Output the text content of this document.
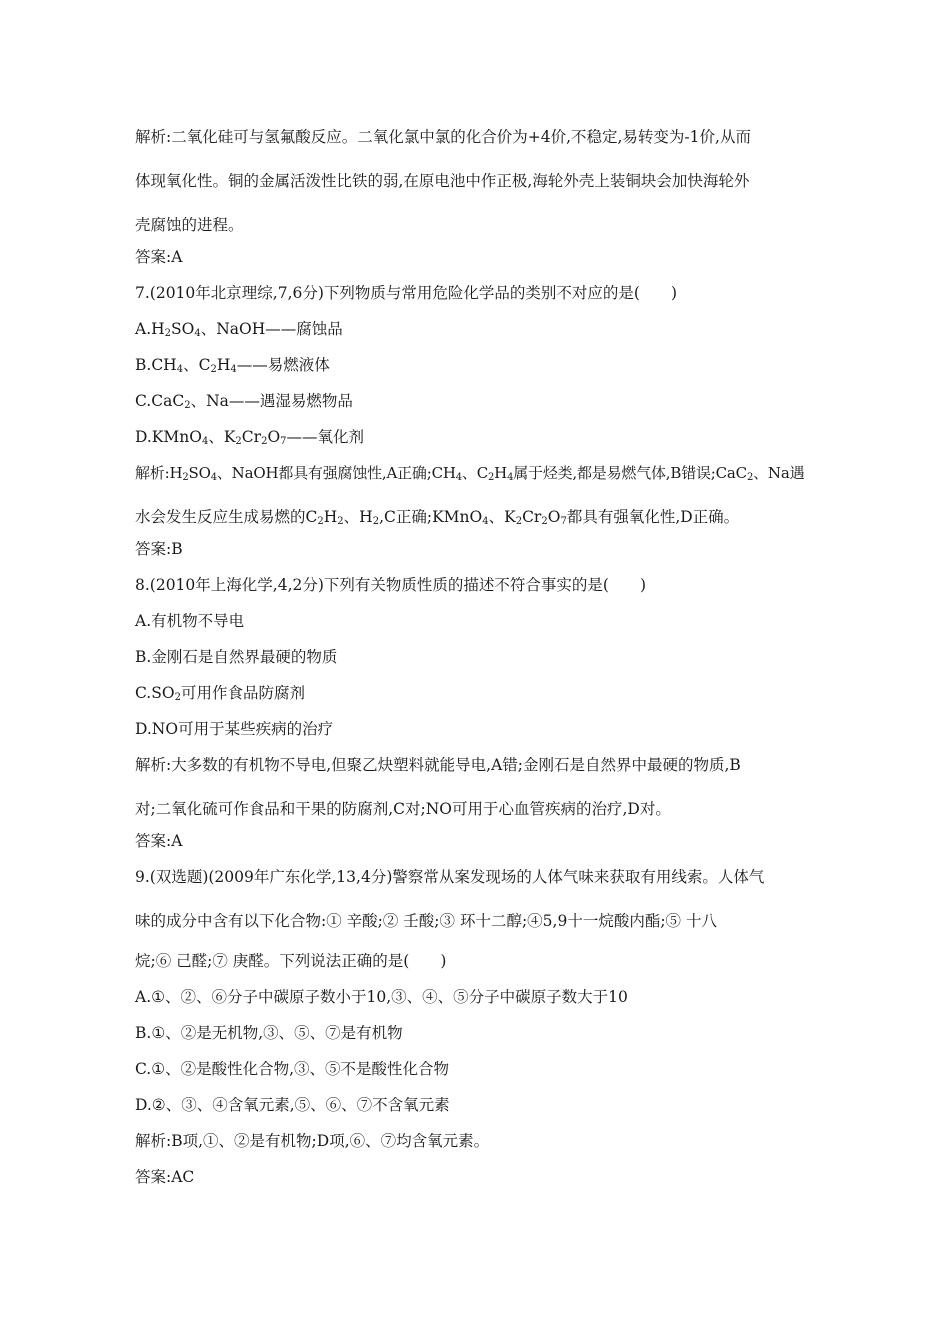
解析:二氧化硅可与氢氟酸反应。二氧化氯中氯的化合价为+4价,不稳定,易转变为-1价,从而
体现氧化性。铜的金属活泼性比铁的弱,在原电池中作正极,海轮外壳上装铜块会加快海轮外
壳腐蚀的进程。
答案:A
7.(2010年北京理综,7,6分)下列物质与常用危险化学品的类别不对应的是(　　)
$A.H_2SO_4$、NaOH——腐蚀品
$B.CH_4$、$C_2H_4——$易燃液体
C.CaC$_2$、Na——遇湿易燃物品
D.KMnO$_4$、$K_2Cr_2O_7——$氧化剂
解析$:H_2SO_4$、NaOH都具有强腐蚀性,A正确$;CH_4$、$C_2H_4$属于烃类,都是易燃气体,B错误;CaC$_2$、Na遇
水会发生反应生成易燃的$C_2H_2$、$H_2,C$正确;KMnO$_4$、$K_2Cr_2O_7$都具有强氧化性,D正确。
答案:B
8.(2010年上海化学,4,2分)下列有关物质性质的描述不符合事实的是(　　)
A.有机物不导电
B.金刚石是自然界最硬的物质
$C.SO_2$可用作食品防腐剂
D.NO可用于某些疾病的治疗
解析:大多数的有机物不导电,但聚乙炔塑料就能导电,A错;金刚石是自然界中最硬的物质,B
对;二氧化硫可作食品和干果的防腐剂,C对;NO可用于心血管疾病的治疗,D对。
答案:A
9.(双选题)(2009年广东化学,13,4分)警察常从案发现场的人体气味来获取有用线索。人体气
味的成分中含有以下化合物:① 辛酸;② 壬酸;③ 环十二醇;④5,9十一烷酸内酯;⑤ 十八
烷;⑥ 己醛;⑦ 庚醛。下列说法正确的是(　　)
A.①、②、⑥分子中碳原子数小于10,③、④、⑤分子中碳原子数大于10
B.①、②是无机物,③、⑤、⑦是有机物
C.①、②是酸性化合物,③、⑤不是酸性化合物
D.②、③、④含氧元素,⑤、⑥、⑦不含氧元素
解析:B项,①、②是有机物;D项,⑥、⑦均含氧元素。
答案:AC
